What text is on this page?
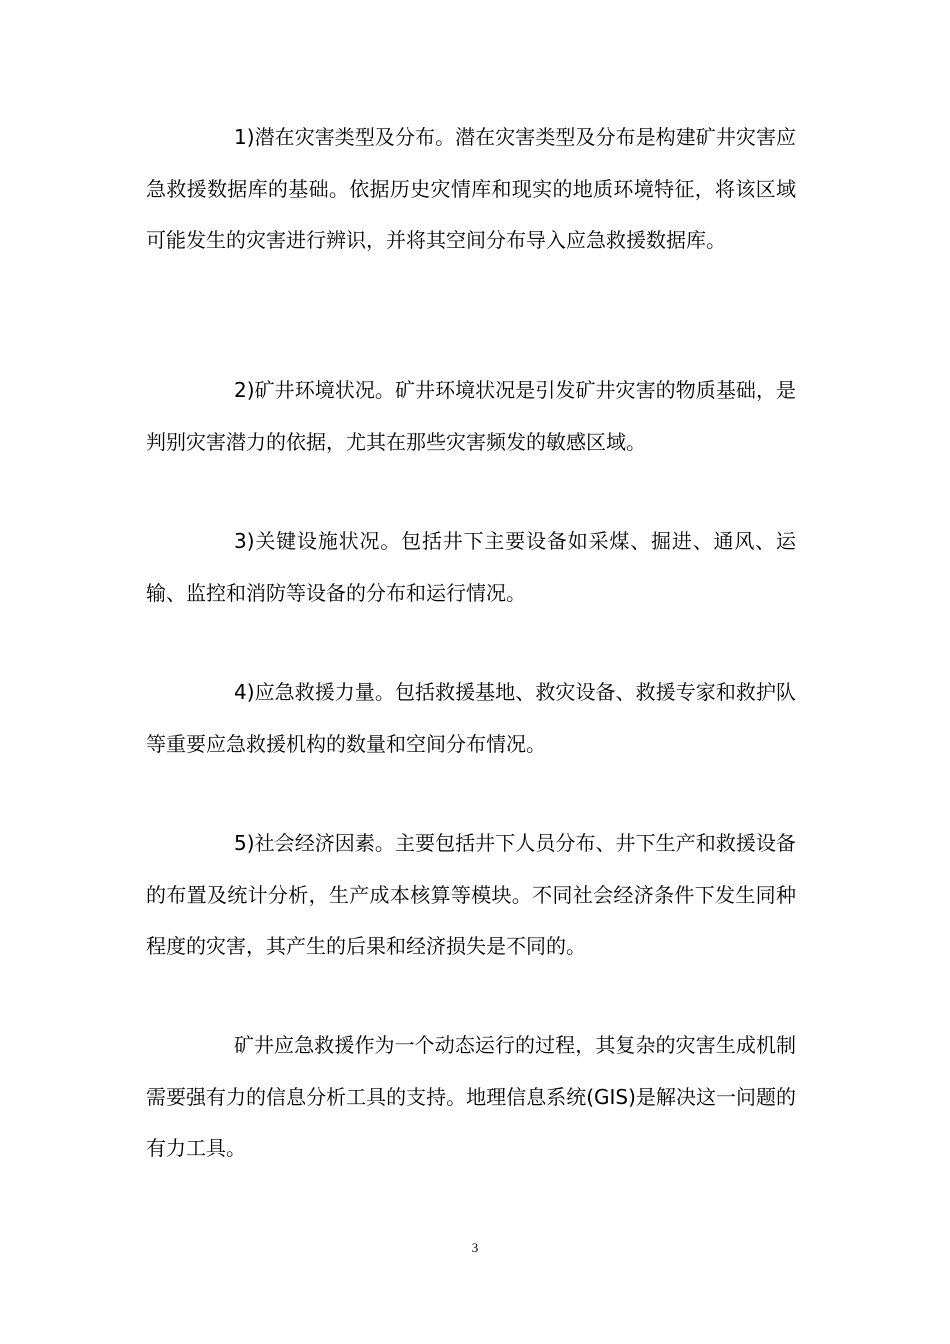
1)潜在灾害类型及分布。潜在灾害类型及分布是构建矿井灾害应急救援数据库的基础。依据历史灾情库和现实的地质环境特征，将该区域可能发生的灾害进行辨识，并将其空间分布导入应急救援数据库。

2)矿井环境状况。矿井环境状况是引发矿井灾害的物质基础，是判别灾害潜力的依据，尤其在那些灾害频发的敏感区域。

3)关键设施状况。包括井下主要设备如采煤、掘进、通风、运输、监控和消防等设备的分布和运行情况。

4)应急救援力量。包括救援基地、救灾设备、救援专家和救护队等重要应急救援机构的数量和空间分布情况。

5)社会经济因素。主要包括井下人员分布、井下生产和救援设备的布置及统计分析，生产成本核算等模块。不同社会经济条件下发生同种程度的灾害，其产生的后果和经济损失是不同的。

矿井应急救援作为一个动态运行的过程，其复杂的灾害生成机制需要强有力的信息分析工具的支持。地理信息系统(GIS)是解决这一问题的有力工具。

3
